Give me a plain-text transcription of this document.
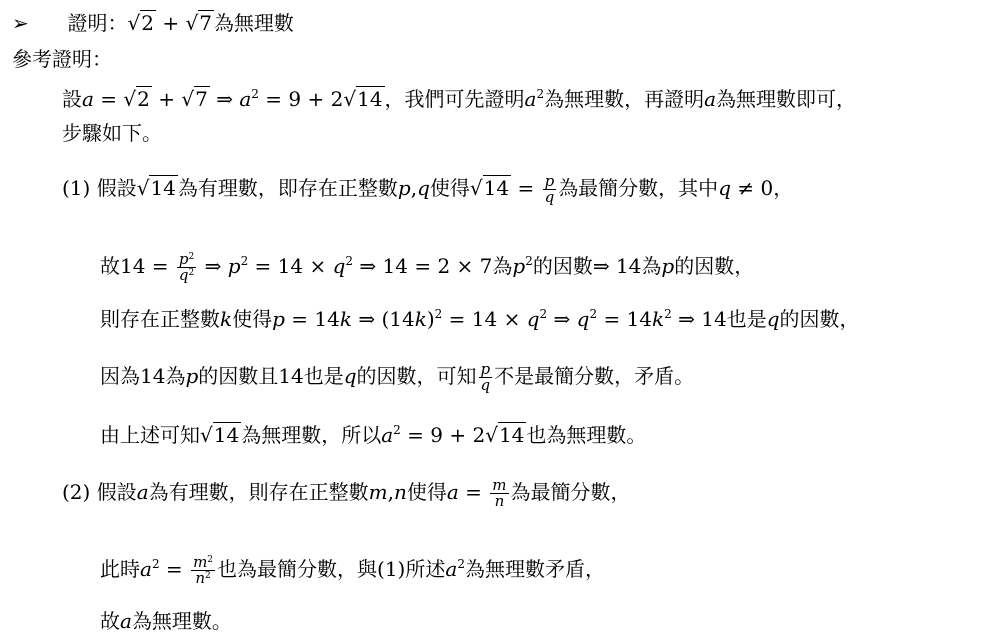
➢ 證明：√2 + √7 為無理數
參考證明：
設a = √2 + √7 ⇒ $a^2 = 9 + 2√14$ ，我們可先證明$a^2$為無理數，再證明a為無理數即可，
步驟如下。
(1) 假設√14 為有理數，即存在正整數p,q使得$√14 = \frac{p}{q}$ 為最簡分數，其中q ≠ 0，
故$14 = \frac{p^2}{q^2}$ ⇒ $p^2 = 14 \times q^2$ ⇒ 14 = 2 × 7為$p^2$的因數⇒ 14為p的因數，
則存在正整數k使得p = 14k ⇒ $(14k)^2 = 14 \times q^2$ ⇒ $q^2 = 14k^2$ ⇒ 14也是q的因數，
因為14為p的因數且14也是q的因數，可知 $\frac{p}{q}$ 不是最簡分數，矛盾。
由上述可知√14 為無理數，所以$a^2 = 9 + 2√14$ 也為無理數。
(2) 假設a為有理數，則存在正整數m,n使得$a = \frac{m}{n}$ 為最簡分數，
此時$a^2 = \frac{m^2}{n^2}$ 也為最簡分數，與(1)所述$a^2$為無理數矛盾，
故a為無理數。
